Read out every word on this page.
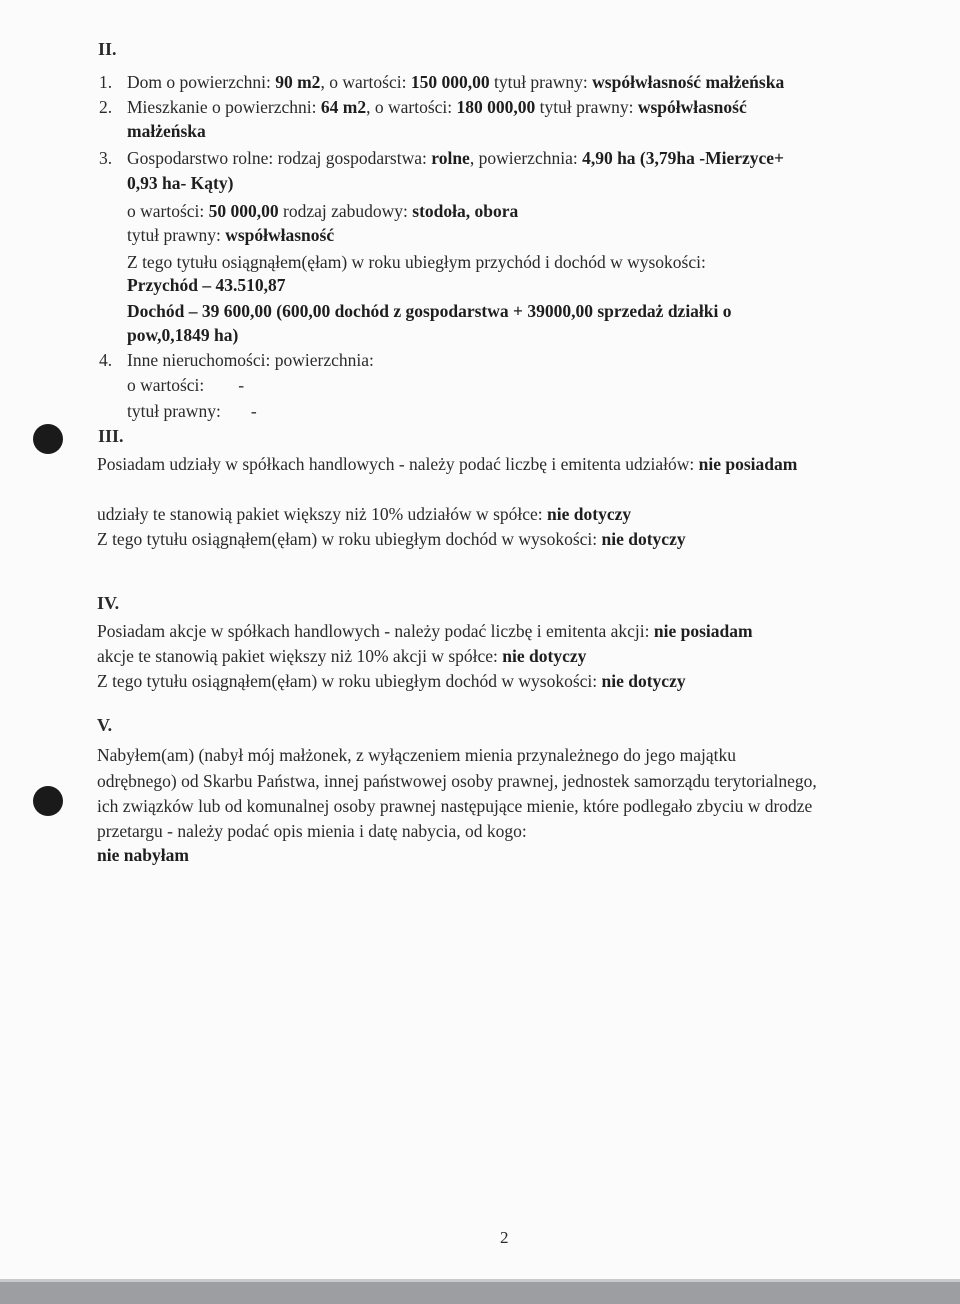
II.
1. Dom o powierzchni: 90 m2, o wartości: 150 000,00 tytuł prawny: współwłasność małżeńska
2. Mieszkanie o powierzchni: 64 m2, o wartości: 180 000,00 tytuł prawny: współwłasność
małżeńska
3. Gospodarstwo rolne: rodzaj gospodarstwa: rolne, powierzchnia: 4,90 ha (3,79ha -Mierzyce+
0,93 ha- Kąty)
o wartości: 50 000,00 rodzaj zabudowy: stodoła, obora
tytuł prawny: współwłasność
Z tego tytułu osiągnąłem(ęłam) w roku ubiegłym przychód i dochód w wysokości:
Przychód – 43.510,87
Dochód – 39 600,00 (600,00 dochód z gospodarstwa + 39000,00 sprzedaż działki o
pow,0,1849 ha)
4. Inne nieruchomości: powierzchnia:
o wartości: -
tytuł prawny: -
III.
Posiadam udziały w spółkach handlowych - należy podać liczbę i emitenta udziałów: nie posiadam
udziały te stanowią pakiet większy niż 10% udziałów w spółce: nie dotyczy
Z tego tytułu osiągnąłem(ęłam) w roku ubiegłym dochód w wysokości: nie dotyczy
IV.
Posiadam akcje w spółkach handlowych - należy podać liczbę i emitenta akcji: nie posiadam
akcje te stanowią pakiet większy niż 10% akcji w spółce: nie dotyczy
Z tego tytułu osiągnąłem(ęłam) w roku ubiegłym dochód w wysokości: nie dotyczy
V.
Nabyłem(am) (nabył mój małżonek, z wyłączeniem mienia przynależnego do jego majątku
odrębnego) od Skarbu Państwa, innej państwowej osoby prawnej, jednostek samorządu terytorialnego,
ich związków lub od komunalnej osoby prawnej następujące mienie, które podlegało zbyciu w drodze
przetargu - należy podać opis mienia i datę nabycia, od kogo:
nie nabyłam
2
